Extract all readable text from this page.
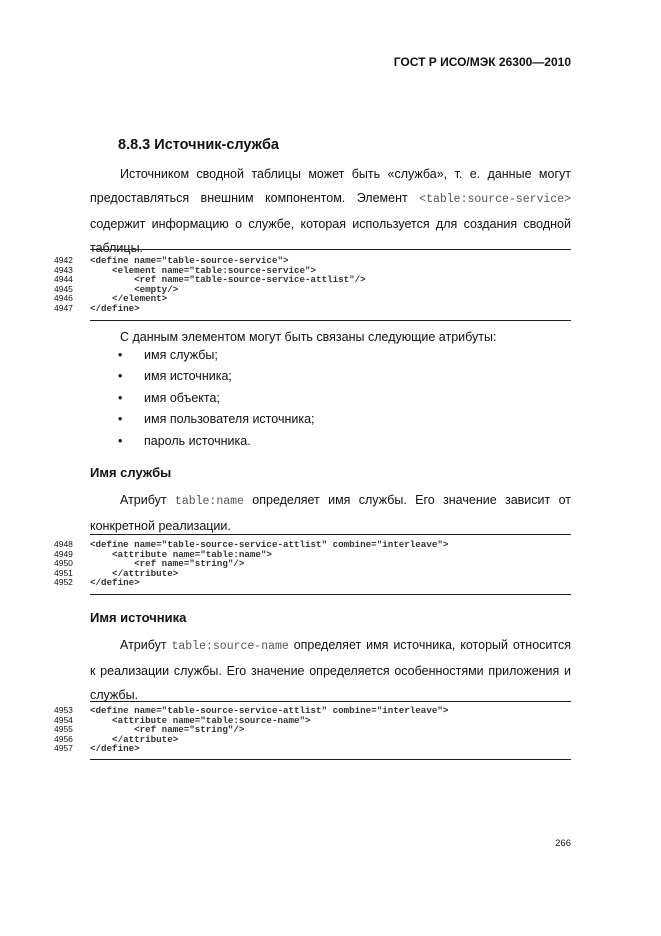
ГОСТ Р ИСО/МЭК 26300—2010
8.8.3 Источник-служба
Источником сводной таблицы может быть «служба», т. е. данные могут
предоставляться внешним компонентом. Элемент <table:source-service>
содержит информацию о службе, которая используется для создания сводной
таблицы.
4942 <define name="table-source-service">
4943    <element name="table:source-service">
4944        <ref name="table-source-service-attlist"/>
4945        <empty/>
4946    </element>
4947 </define>
С данным элементом могут быть связаны следующие атрибуты:
• имя службы;
• имя источника;
• имя объекта;
• имя пользователя источника;
• пароль источника.
Имя службы
Атрибут table:name определяет имя службы. Его значение зависит от
конкретной реализации.
4948 <define name="table-source-service-attlist" combine="interleave">
4949    <attribute name="table:name">
4950        <ref name="string"/>
4951    </attribute>
4952 </define>
Имя источника
Атрибут table:source-name определяет имя источника, который относится
к реализации службы. Его значение определяется особенностями приложения и
службы.
4953 <define name="table-source-service-attlist" combine="interleave">
4954    <attribute name="table:source-name">
4955        <ref name="string"/>
4956    </attribute>
4957 </define>
266
